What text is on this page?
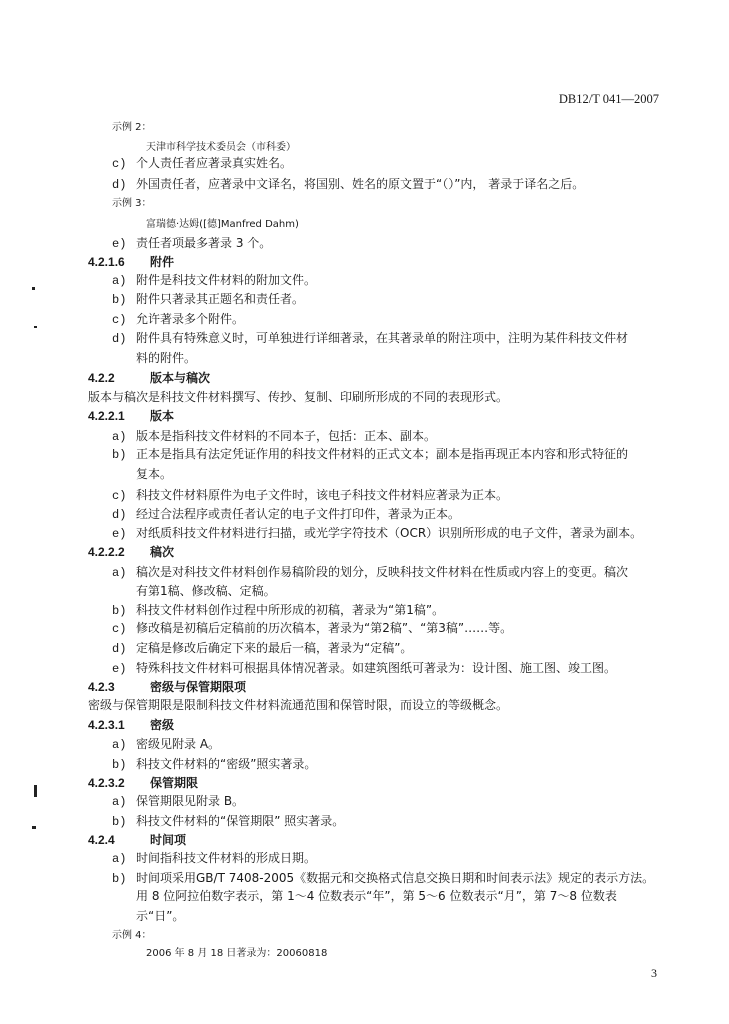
DB12/T 041—2007
示例 2：
天津市科学技术委员会（市科委）
c) 个人责任者应著录真实姓名。
d) 外国责任者，应著录中文译名，将国别、姓名的原文置于“（）”内， 著录于译名之后。
示例 3：
富瑞德·达姆([德]Manfred Dahm)
e) 责任者项最多著录 3 个。
4.2.1.6 附件
a) 附件是科技文件材料的附加文件。
b) 附件只著录其正题名和责任者。
c) 允许著录多个附件。
d) 附件具有特殊意义时，可单独进行详细著录，在其著录单的附注项中，注明为某件科技文件材
料的附件。
4.2.2	版本与稿次
版本与稿次是科技文件材料撰写、传抄、复制、印刷所形成的不同的表现形式。
4.2.2.1 版本
a) 版本是指科技文件材料的不同本子，包括：正本、副本。
b) 正本是指具有法定凭证作用的科技文件材料的正式文本；副本是指再现正本内容和形式特征的
复本。
c) 科技文件材料原件为电子文件时，该电子科技文件材料应著录为正本。
d) 经过合法程序或责任者认定的电子文件打印件，著录为正本。
e) 对纸质科技文件材料进行扫描，或光学字符技术（OCR）识别所形成的电子文件，著录为副本。
4.2.2.2 稿次
a) 稿次是对科技文件材料创作易稿阶段的划分，反映科技文件材料在性质或内容上的变更。稿次
有第1稿、修改稿、定稿。
b) 科技文件材料创作过程中所形成的初稿，著录为“第1稿”。
c) 修改稿是初稿后定稿前的历次稿本，著录为“第2稿”、“第3稿”……等。
d) 定稿是修改后确定下来的最后一稿，著录为“定稿”。
e) 特殊科技文件材料可根据具体情况著录。如建筑图纸可著录为：设计图、施工图、竣工图。
4.2.3	密级与保管期限项
密级与保管期限是限制科技文件材料流通范围和保管时限，而设立的等级概念。
4.2.3.1 密级
a) 密级见附录 A。
b) 科技文件材料的“密级”照实著录。
4.2.3.2 保管期限
a) 保管期限见附录 B。
b) 科技文件材料的“保管期限” 照实著录。
4.2.4	时间项
a) 时间指科技文件材料的形成日期。
b) 时间项采用GB/T 7408-2005《数据元和交换格式信息交换日期和时间表示法》规定的表示方法。
用 8 位阿拉伯数字表示，第 1～4 位数表示“年”，第 5～6 位数表示“月”，第 7～8 位数表
示“日”。
示例 4：
2006 年 8 月 18 日著录为：20060818
3
